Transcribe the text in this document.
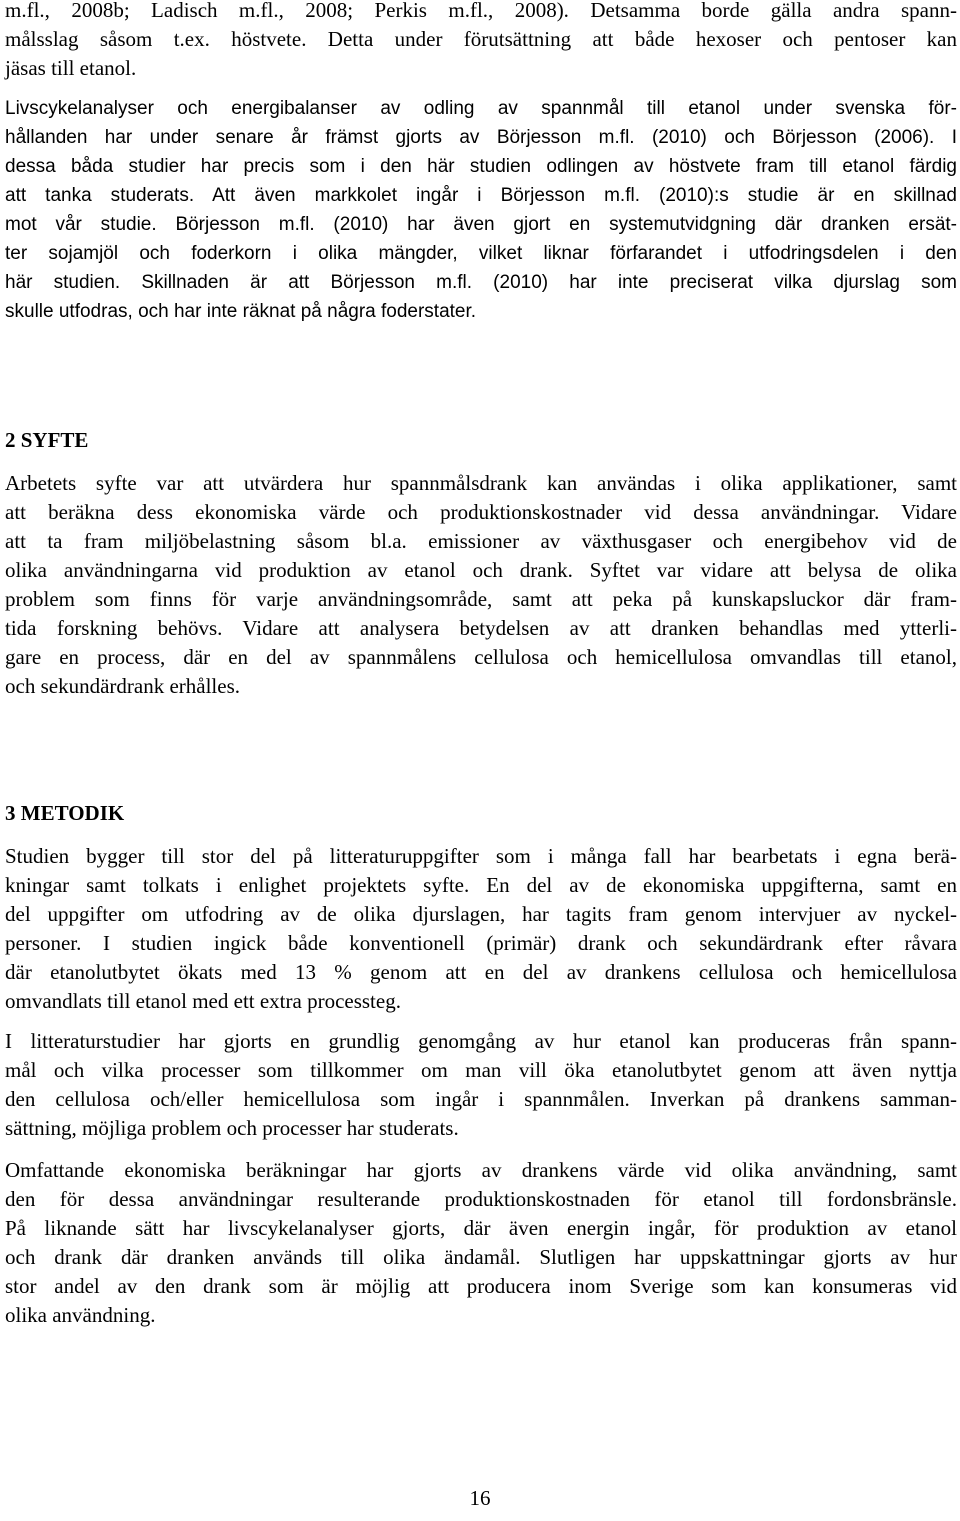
m.fl., 2008b; Ladisch m.fl., 2008; Perkis m.fl., 2008). Detsamma borde gälla andra spann-
målsslag såsom t.ex. höstvete. Detta under förutsättning att både hexoser och pentoser kan
jäsas till etanol.

Livscykelanalyser och energibalanser av odling av spannmål till etanol under svenska för-
hållanden har under senare år främst gjorts av Börjesson m.fl. (2010) och Börjesson (2006). I
dessa båda studier har precis som i den här studien odlingen av höstvete fram till etanol färdig
att tanka studerats. Att även markkolet ingår i Börjesson m.fl. (2010):s studie är en skillnad
mot vår studie. Börjesson m.fl. (2010) har även gjort en systemutvidgning där dranken ersät-
ter sojamjöl och foderkorn i olika mängder, vilket liknar förfarandet i utfodringsdelen i den
här studien. Skillnaden är att Börjesson m.fl. (2010) har inte preciserat vilka djurslag som
skulle utfodras, och har inte räknat på några foderstater.

2 SYFTE

Arbetets syfte var att utvärdera hur spannmålsdrank kan användas i olika applikationer, samt
att beräkna dess ekonomiska värde och produktionskostnader vid dessa användningar. Vidare
att ta fram miljöbelastning såsom bl.a. emissioner av växthusgaser och energibehov vid de
olika användningarna vid produktion av etanol och drank. Syftet var vidare att belysa de olika
problem som finns för varje användningsområde, samt att peka på kunskapsluckor där fram-
tida forskning behövs. Vidare att analysera betydelsen av att dranken behandlas med ytterli-
gare en process, där en del av spannmålens cellulosa och hemicellulosa omvandlas till etanol,
och sekundärdrank erhålles.

3 METODIK

Studien bygger till stor del på litteraturuppgifter som i många fall har bearbetats i egna berä-
kningar samt tolkats i enlighet projektets syfte. En del av de ekonomiska uppgifterna, samt en
del uppgifter om utfodring av de olika djurslagen, har tagits fram genom intervjuer av nyckel-
personer. I studien ingick både konventionell (primär) drank och sekundärdrank efter råvara
där etanolutbytet ökats med 13 % genom att en del av drankens cellulosa och hemicellulosa
omvandlats till etanol med ett extra processteg.

I litteraturstudier har gjorts en grundlig genomgång av hur etanol kan produceras från spann-
mål och vilka processer som tillkommer om man vill öka etanolutbytet genom att även nyttja
den cellulosa och/eller hemicellulosa som ingår i spannmålen. Inverkan på drankens samman-
sättning, möjliga problem och processer har studerats.

Omfattande ekonomiska beräkningar har gjorts av drankens värde vid olika användning, samt
den för dessa användningar resulterande produktionskostnaden för etanol till fordonsbränsle.
På liknande sätt har livscykelanalyser gjorts, där även energin ingår, för produktion av etanol
och drank där dranken används till olika ändamål. Slutligen har uppskattningar gjorts av hur
stor andel av den drank som är möjlig att producera inom Sverige som kan konsumeras vid
olika användning.

16
